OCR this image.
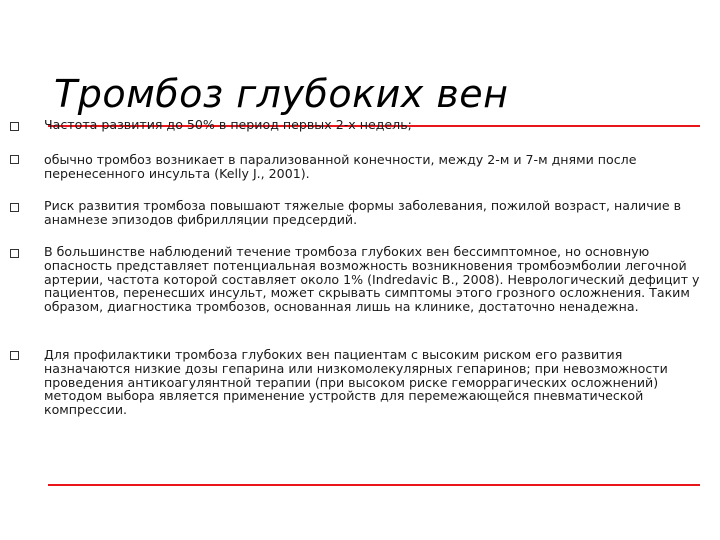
Тромбоз глубоких вен
Частота развития до 50% в период первых 2-х недель;
обычно тромбоз возникает в парализованной конечности, между 2-м и 7-м днями после перенесенного инсульта (Kelly J., 2001).
Риск развития тромбоза повышают тяжелые формы заболевания, пожилой возраст, наличие в анамнезе эпизодов фибрилляции предсердий.
В большинстве наблюдений течение тромбоза глубоких вен бессимптомное, но основную опасность представляет потенциальная возможность возникновения тромбоэмболии легочной артерии, частота которой составляет около 1% (Indredavic B., 2008). Неврологический дефицит у пациентов, перенесших инсульт, может скрывать симптомы этого грозного осложнения. Таким образом, диагностика тромбозов, основанная лишь на клинике, достаточно ненадежна.
Для профилактики тромбоза глубоких вен пациентам с высоким риском его развития назначаются низкие дозы гепарина или низкомолекулярных гепаринов; при невозможности проведения антикоагулянтной терапии (при высоком риске геморрагических осложнений) методом выбора является применение устройств для перемежающейся пневматической компрессии.
